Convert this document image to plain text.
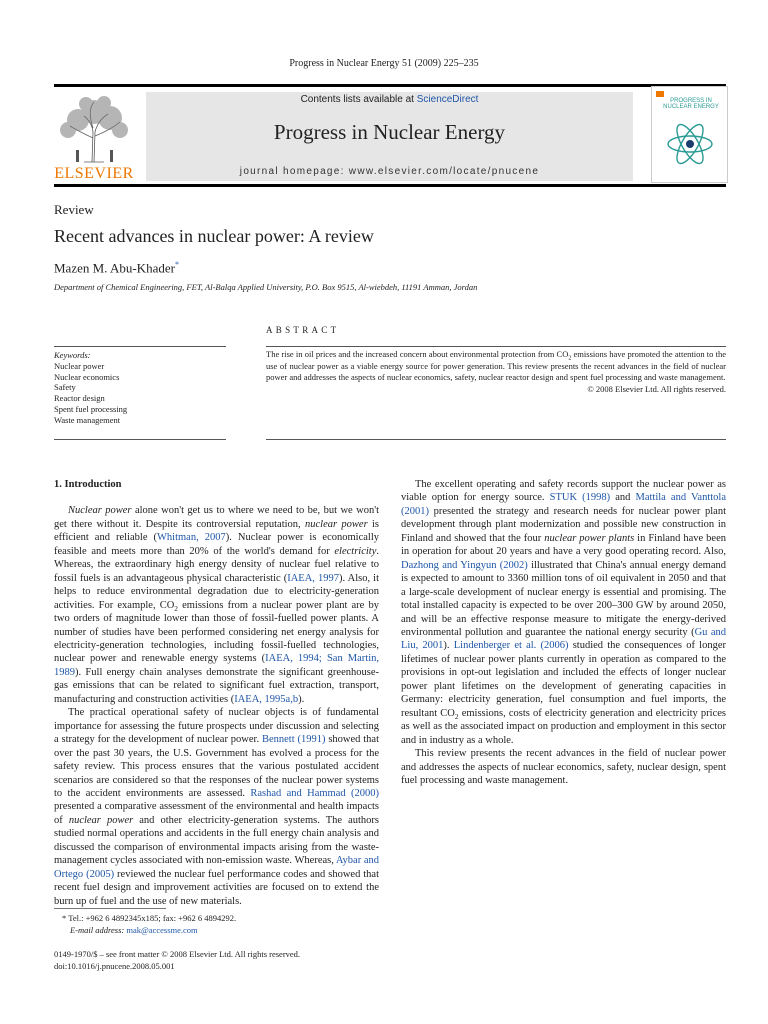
Progress in Nuclear Energy 51 (2009) 225–235
ELSEVIER
Contents lists available at ScienceDirect
Progress in Nuclear Energy
journal homepage: www.elsevier.com/locate/pnucene
PROGRESS IN NUCLEAR ENERGY
Review
Recent advances in nuclear power: A review
Mazen M. Abu-Khader*
Department of Chemical Engineering, FET, Al-Balqa Applied University, P.O. Box 9515, Al-wiebdeh, 11191 Amman, Jordan
ABSTRACT
Keywords:
Nuclear power
Nuclear economics
Safety
Reactor design
Spent fuel processing
Waste management
The rise in oil prices and the increased concern about environmental protection from $CO_2$ emissions have promoted the attention to the use of nuclear power as a viable energy source for power generation. This review presents the recent advances in the field of nuclear power and addresses the aspects of nuclear economics, safety, nuclear reactor design and spent fuel processing and waste management.
© 2008 Elsevier Ltd. All rights reserved.
1. Introduction

Nuclear power alone won't get us to where we need to be, but we won't get there without it. Despite its controversial reputation, nuclear power is efficient and reliable (Whitman, 2007). Nuclear power is economically feasible and meets more than 20% of the world's demand for electricity. Whereas, the extraordinary high energy density of nuclear fuel relative to fossil fuels is an advantageous physical characteristic (IAEA, 1997). Also, it helps to reduce environmental degradation due to electricity-generation activities. For example, $CO_2$ emissions from a nuclear power plant are by two orders of magnitude lower than those of fossil-fuelled power plants. A number of studies have been performed considering net energy analysis for electricity-generation technologies, including fossil-fuelled technologies, nuclear power and renewable energy systems (IAEA, 1994; San Martin, 1989). Full energy chain analyses demonstrate the significant greenhouse-gas emissions that can be related to significant fuel extraction, transport, manufacturing and construction activities (IAEA, 1995a,b).

The practical operational safety of nuclear objects is of fundamental importance for assessing the future prospects under discussion and selecting a strategy for the development of nuclear power. Bennett (1991) showed that over the past 30 years, the U.S. Government has evolved a process for the safety review. This process ensures that the various postulated accident scenarios are considered so that the responses of the nuclear power systems to the accident environments are assessed. Rashad and Hammad (2000) presented a comparative assessment of the environmental and health impacts of nuclear power and other electricity-generation systems. The authors studied normal operations and accidents in the full energy chain analysis and discussed the comparison of environmental impacts arising from the waste-management cycles associated with non-emission waste. Whereas, Aybar and Ortego (2005) reviewed the nuclear fuel performance codes and showed that recent fuel design and improvement activities are focused on to extend the burn up of fuel and the use of new materials.

The excellent operating and safety records support the nuclear power as viable option for energy source. STUK (1998) and Mattila and Vanttola (2001) presented the strategy and research needs for nuclear power plant development through plant modernization and possible new construction in Finland and showed that the four nuclear power plants in Finland have been in operation for about 20 years and have a very good operating record. Also, Dazhong and Yingyun (2002) illustrated that China's annual energy demand is expected to amount to 3360 million tons of oil equivalent in 2050 and that a large-scale development of nuclear energy is essential and promising. The total installed capacity is expected to be over 200–300 GW by around 2050, and will be an effective response measure to mitigate the energy-derived environmental pollution and guarantee the national energy security (Gu and Liu, 2001). Lindenberger et al. (2006) studied the consequences of longer lifetimes of nuclear power plants currently in operation as compared to the provisions in opt-out legislation and included the effects of longer nuclear power plant lifetimes on the development of generating capacities in Germany: electricity generation, fuel consumption and fuel imports, the resultant $CO_2$ emissions, costs of electricity generation and electricity prices as well as the associated impact on production and employment in this sector and in industry as a whole.

This review presents the recent advances in the field of nuclear power and addresses the aspects of nuclear economics, safety, nuclear design, spent fuel processing and waste management.

* Tel.: +962 6 4892345x185; fax: +962 6 4894292.
E-mail address: mak@accessme.com
0149-1970/$ – see front matter © 2008 Elsevier Ltd. All rights reserved.
doi:10.1016/j.pnucene.2008.05.001
